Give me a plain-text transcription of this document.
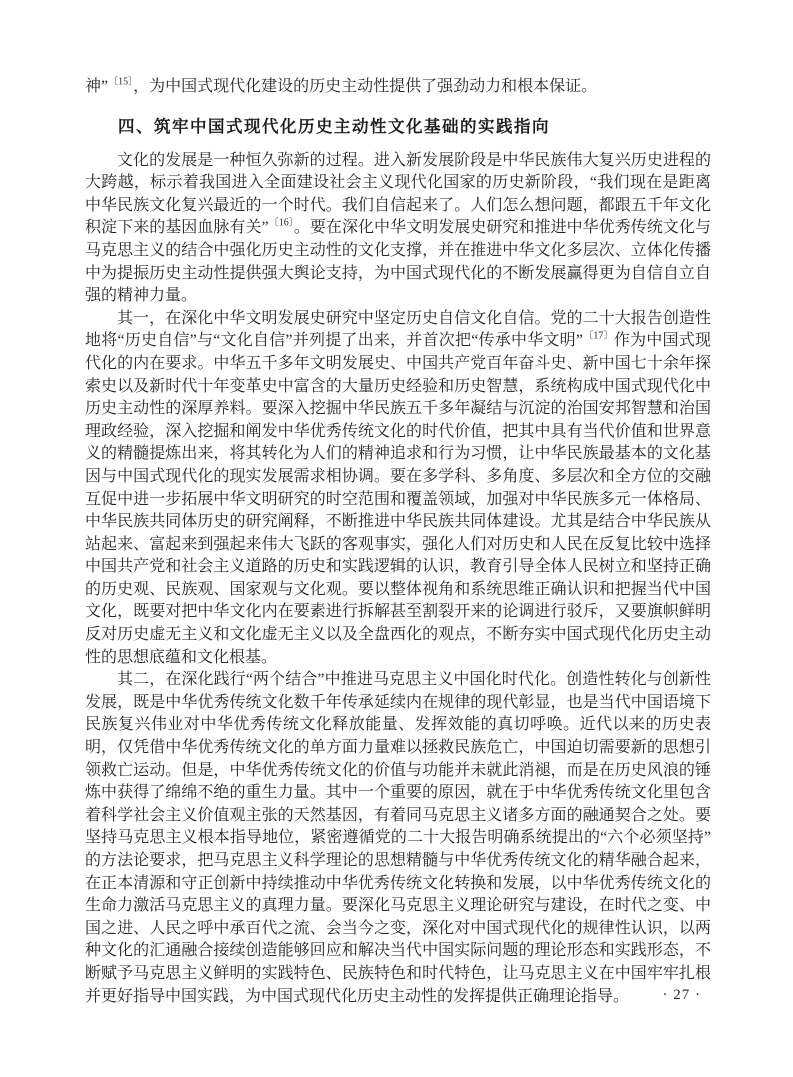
神”$^{〔15〕}$，为中国式现代化建设的历史主动性提供了强劲动力和根本保证。

四、筑牢中国式现代化历史主动性文化基础的实践指向

文化的发展是一种恒久弥新的过程。进入新发展阶段是中华民族伟大复兴历史进程的大跨越，标示着我国进入全面建设社会主义现代化国家的历史新阶段，“我们现在是距离中华民族文化复兴最近的一个时代。我们自信起来了。人们怎么想问题，都跟五千年文化积淀下来的基因血脉有关”$^{〔16〕}$。要在深化中华文明发展史研究和推进中华优秀传统文化与马克思主义的结合中强化历史主动性的文化支撑，并在推进中华文化多层次、立体化传播中为提振历史主动性提供强大舆论支持，为中国式现代化的不断发展赢得更为自信自立自强的精神力量。

其一，在深化中华文明发展史研究中坚定历史自信文化自信。党的二十大报告创造性地将“历史自信”与“文化自信”并列提了出来，并首次把“传承中华文明”$^{〔17〕}$作为中国式现代化的内在要求。中华五千多年文明发展史、中国共产党百年奋斗史、新中国七十余年探索史以及新时代十年变革史中富含的大量历史经验和历史智慧，系统构成中国式现代化中历史主动性的深厚养料。要深入挖掘中华民族五千多年凝结与沉淀的治国安邦智慧和治国理政经验，深入挖掘和阐发中华优秀传统文化的时代价值，把其中具有当代价值和世界意义的精髓提炼出来，将其转化为人们的精神追求和行为习惯，让中华民族最基本的文化基因与中国式现代化的现实发展需求相协调。要在多学科、多角度、多层次和全方位的交融互促中进一步拓展中华文明研究的时空范围和覆盖领域，加强对中华民族多元一体格局、中华民族共同体历史的研究阐释，不断推进中华民族共同体建设。尤其是结合中华民族从站起来、富起来到强起来伟大飞跃的客观事实，强化人们对历史和人民在反复比较中选择中国共产党和社会主义道路的历史和实践逻辑的认识，教育引导全体人民树立和坚持正确的历史观、民族观、国家观与文化观。要以整体视角和系统思维正确认识和把握当代中国文化，既要对把中华文化内在要素进行拆解甚至割裂开来的论调进行驳斥，又要旗帜鲜明反对历史虚无主义和文化虚无主义以及全盘西化的观点，不断夯实中国式现代化历史主动性的思想底蕴和文化根基。

其二，在深化践行“两个结合”中推进马克思主义中国化时代化。创造性转化与创新性发展，既是中华优秀传统文化数千年传承延续内在规律的现代彰显，也是当代中国语境下民族复兴伟业对中华优秀传统文化释放能量、发挥效能的真切呼唤。近代以来的历史表明，仅凭借中华优秀传统文化的单方面力量难以拯救民族危亡，中国迫切需要新的思想引领救亡运动。但是，中华优秀传统文化的价值与功能并未就此消褪，而是在历史风浪的锤炼中获得了绵绵不绝的重生力量。其中一个重要的原因，就在于中华优秀传统文化里包含着科学社会主义价值观主张的天然基因，有着同马克思主义诸多方面的融通契合之处。要坚持马克思主义根本指导地位，紧密遵循党的二十大报告明确系统提出的“六个必须坚持”的方法论要求，把马克思主义科学理论的思想精髓与中华优秀传统文化的精华融合起来，在正本清源和守正创新中持续推动中华优秀传统文化转换和发展，以中华优秀传统文化的生命力激活马克思主义的真理力量。要深化马克思主义理论研究与建设，在时代之变、中国之进、人民之呼中承百代之流、会当今之变，深化对中国式现代化的规律性认识，以两种文化的汇通融合接续创造能够回应和解决当代中国实际问题的理论形态和实践形态，不断赋予马克思主义鲜明的实践特色、民族特色和时代特色，让马克思主义在中国牢牢扎根并更好指导中国实践，为中国式现代化历史主动性的发挥提供正确理论指导。	· 27 ·
